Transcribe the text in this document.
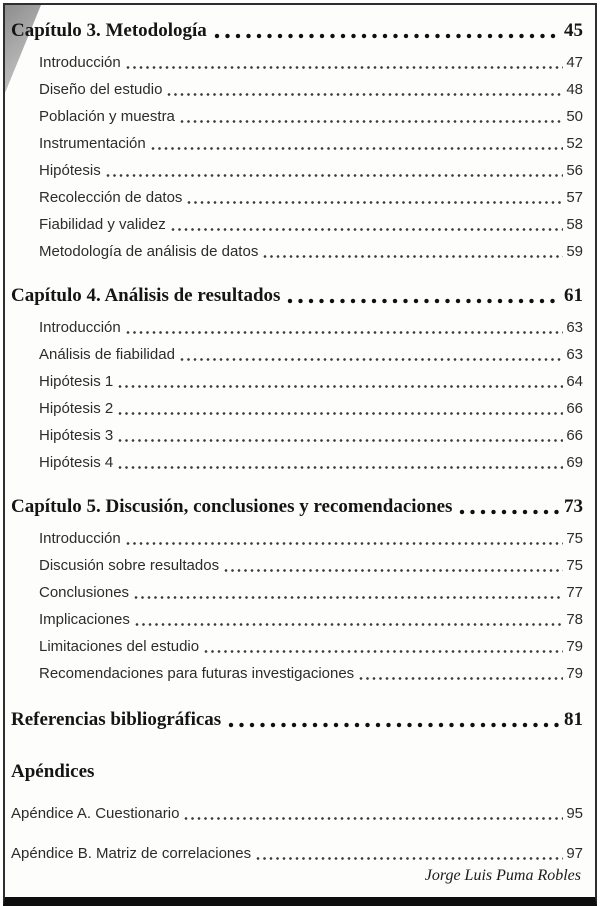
Capítulo 3. Metodología	45
Introducción	47
Diseño del estudio	48
Población y muestra	50
Instrumentación	52
Hipótesis	56
Recolección de datos	57
Fiabilidad y validez	58
Metodología de análisis de datos	59
Capítulo 4. Análisis de resultados	61
Introducción	63
Análisis de fiabilidad	63
Hipótesis 1	64
Hipótesis 2	66
Hipótesis 3	66
Hipótesis 4	69
Capítulo 5. Discusión, conclusiones y recomendaciones	73
Introducción	75
Discusión sobre resultados	75
Conclusiones	77
Implicaciones	78
Limitaciones del estudio	79
Recomendaciones para futuras investigaciones	79
Referencias bibliográficas	81
Apéndices
Apéndice A. Cuestionario	95
Apéndice B. Matriz de correlaciones	97
Jorge Luis Puma Robles
